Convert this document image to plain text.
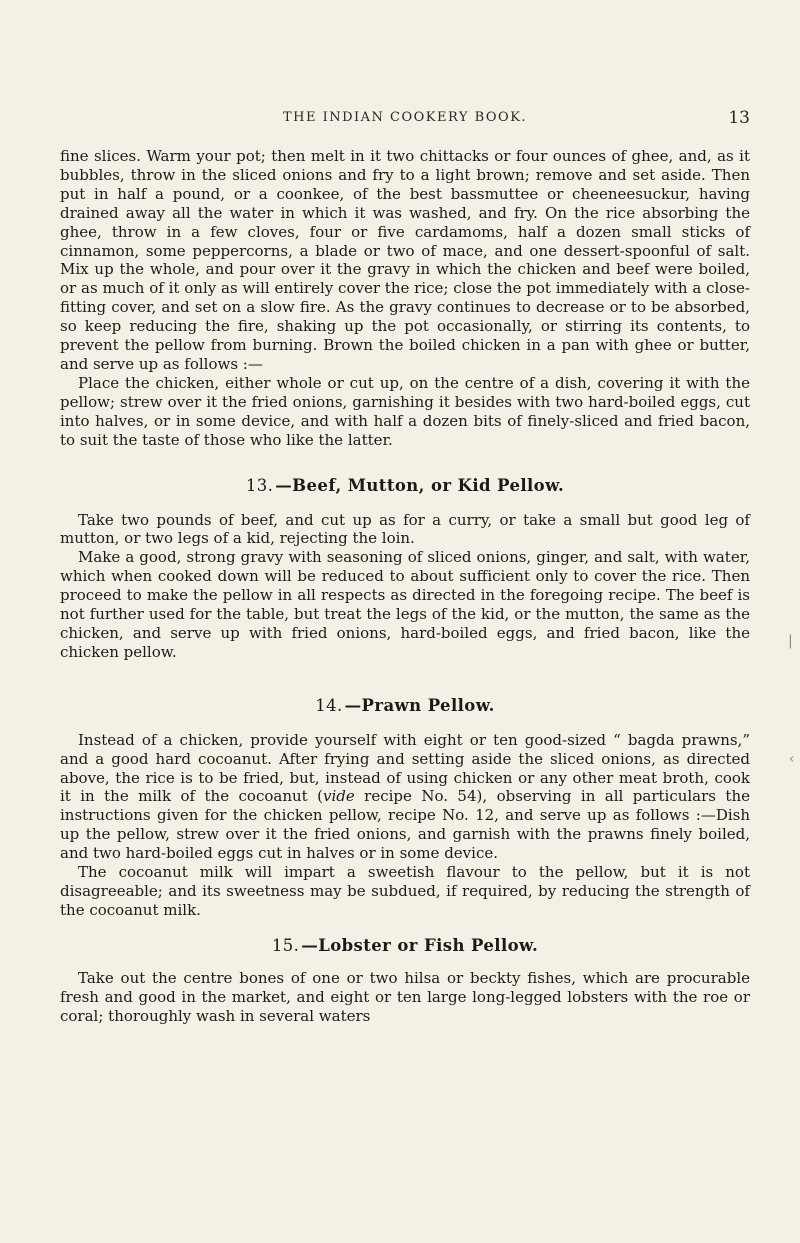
THE INDIAN COOKERY BOOK.	13

fine slices. Warm your pot; then melt in it two chittacks or four ounces of ghee, and, as it bubbles, throw in the sliced onions and fry to a light brown; remove and set aside. Then put in half a pound, or a coonkee, of the best bassmuttee or cheeneesuckur, having drained away all the water in which it was washed, and fry. On the rice absorbing the ghee, throw in a few cloves, four or five cardamoms, half a dozen small sticks of cinnamon, some peppercorns, a blade or two of mace, and one dessert-spoonful of salt. Mix up the whole, and pour over it the gravy in which the chicken and beef were boiled, or as much of it only as will entirely cover the rice; close the pot immediately with a close-fitting cover, and set on a slow fire. As the gravy continues to decrease or to be absorbed, so keep reducing the fire, shaking up the pot occasionally, or stirring its contents, to prevent the pellow from burning. Brown the boiled chicken in a pan with ghee or butter, and serve up as follows :—

Place the chicken, either whole or cut up, on the centre of a dish, covering it with the pellow; strew over it the fried onions, garnishing it besides with two hard-boiled eggs, cut into halves, or in some device, and with half a dozen bits of finely-sliced and fried bacon, to suit the taste of those who like the latter.

13. —Beef, Mutton, or Kid Pellow.

Take two pounds of beef, and cut up as for a curry, or take a small but good leg of mutton, or two legs of a kid, rejecting the loin.

Make a good, strong gravy with seasoning of sliced onions, ginger, and salt, with water, which when cooked down will be reduced to about sufficient only to cover the rice. Then proceed to make the pellow in all respects as directed in the foregoing recipe. The beef is not further used for the table, but treat the legs of the kid, or the mutton, the same as the chicken, and serve up with fried onions, hard-boiled eggs, and fried bacon, like the chicken pellow.

14. —Prawn Pellow.

Instead of a chicken, provide yourself with eight or ten good-sized “ bagda prawns,” and a good hard cocoanut. After frying and setting aside the sliced onions, as directed above, the rice is to be fried, but, instead of using chicken or any other meat broth, cook it in the milk of the cocoanut (vide recipe No. 54), observing in all particulars the instructions given for the chicken pellow, recipe No. 12, and serve up as follows :—Dish up the pellow, strew over it the fried onions, and garnish with the prawns finely boiled, and two hard-boiled eggs cut in halves or in some device.

The cocoanut milk will impart a sweetish flavour to the pellow, but it is not disagreeable; and its sweetness may be subdued, if required, by reducing the strength of the cocoanut milk.

15. —Lobster or Fish Pellow.

Take out the centre bones of one or two hilsa or beckty fishes, which are procurable fresh and good in the market, and eight or ten large long-legged lobsters with the roe or coral; thoroughly wash in several waters

|
‹
